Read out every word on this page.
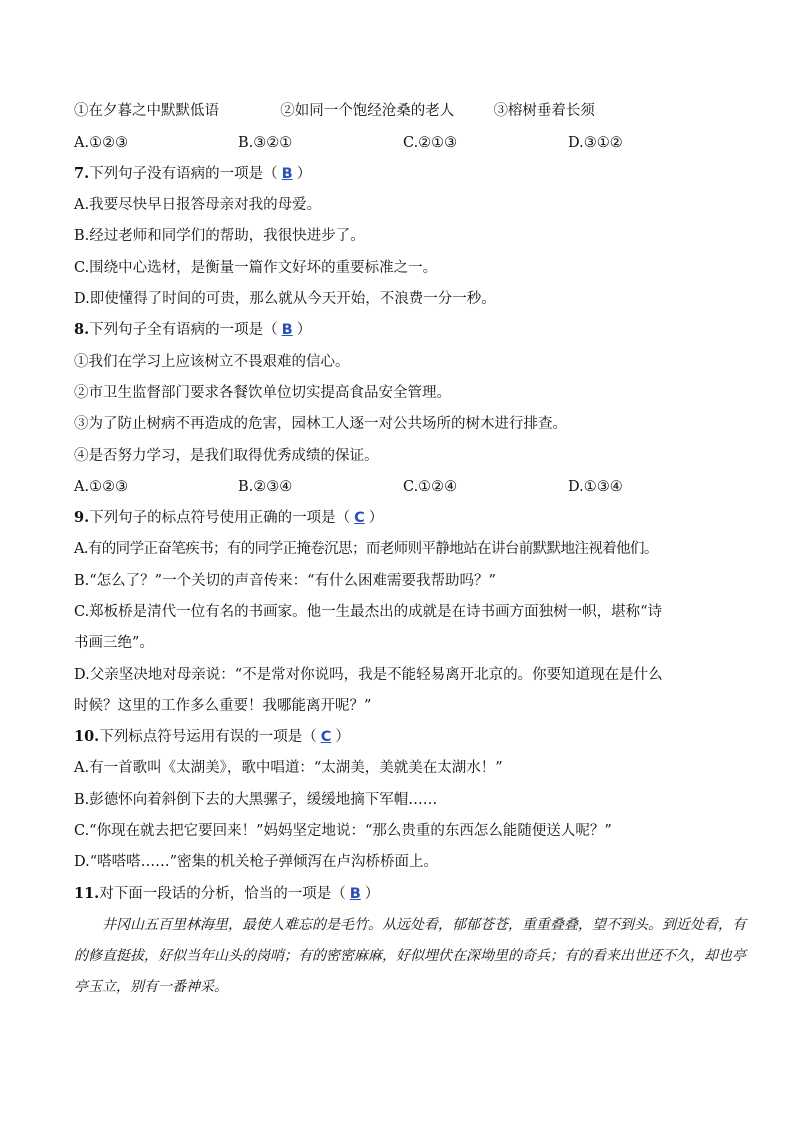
①在夕暮之中默默低语	②如同一个饱经沧桑的老人	③榕树垂着长须
A.①②③	B.③②①	C.②①③	D.③①②
7.下列句子没有语病的一项是（ B ）
A.我要尽快早日报答母亲对我的母爱。
B.经过老师和同学们的帮助，我很快进步了。
C.围绕中心选材，是衡量一篇作文好坏的重要标准之一。
D.即使懂得了时间的可贵，那么就从今天开始，不浪费一分一秒。
8.下列句子全有语病的一项是（ B ）
①我们在学习上应该树立不畏艰难的信心。
②市卫生监督部门要求各餐饮单位切实提高食品安全管理。
③为了防止树病不再造成的危害，园林工人逐一对公共场所的树木进行排查。
④是否努力学习，是我们取得优秀成绩的保证。
A.①②③	B.②③④	C.①②④	D.①③④
9.下列句子的标点符号使用正确的一项是（ C ）
A.有的同学正奋笔疾书；有的同学正掩卷沉思；而老师则平静地站在讲台前默默地注视着他们。
B.“怎么了？”一个关切的声音传来：“有什么困难需要我帮助吗？”
C.郑板桥是清代一位有名的书画家。他一生最杰出的成就是在诗书画方面独树一帜，堪称“诗
书画三绝”。
D.父亲坚决地对母亲说：“不是常对你说吗，我是不能轻易离开北京的。你要知道现在是什么
时候？这里的工作多么重要！我哪能离开呢？”
10.下列标点符号运用有误的一项是（ C ）
A.有一首歌叫《太湖美》，歌中唱道：“太湖美，美就美在太湖水！”
B.彭德怀向着斜倒下去的大黑骡子，缓缓地摘下军帽……
C.“你现在就去把它要回来！”妈妈坚定地说：“那么贵重的东西怎么能随便送人呢？”
D.“嗒嗒嗒……”密集的机关枪子弹倾泻在卢沟桥桥面上。
11.对下面一段话的分析，恰当的一项是（ B ）
井冈山五百里林海里，最使人难忘的是毛竹。从远处看，郁郁苍苍，重重叠叠，望不到头。到近处看，有的修直挺拔，好似当年山头的岗哨；有的密密麻麻，好似埋伏在深坳里的奇兵；有的看来出世还不久，却也亭亭玉立，别有一番神采。
